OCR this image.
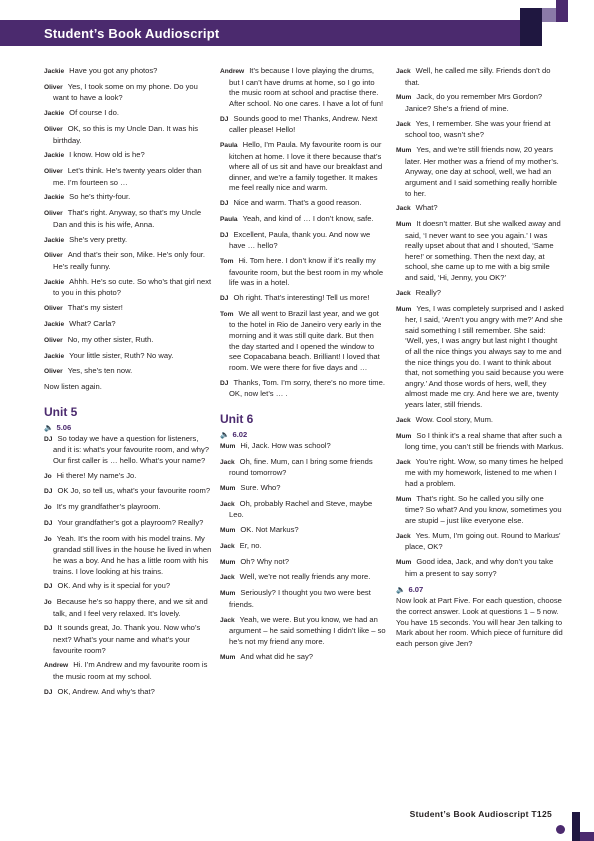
Student’s Book Audioscript

Jackie Have you got any photos?

Oliver Yes, I took some on my phone. Do you want to have a look?

Jackie Of course I do.

Oliver OK, so this is my Uncle Dan. It was his birthday.

Jackie I know. How old is he?

Oliver Let’s think. He’s twenty years older than me. I’m fourteen so …

Jackie So he’s thirty-four.

Oliver That’s right. Anyway, so that’s my Uncle Dan and this is his wife, Anna.

Jackie She’s very pretty.

Oliver And that’s their son, Mike. He’s only four. He’s really funny.

Jackie Ahhh. He’s so cute. So who’s that girl next to you in this photo?

Oliver That’s my sister!

Jackie What? Carla?

Oliver No, my other sister, Ruth.

Jackie Your little sister, Ruth? No way.

Oliver Yes, she’s ten now.

Now listen again.

Unit 5
🔈 5.06

DJ So today we have a question for listeners, and it is: what’s your favourite room, and why? Our first caller is … hello. What’s your name?

Jo Hi there! My name’s Jo.

DJ OK Jo, so tell us, what’s your favourite room?

Jo It’s my grandfather’s playroom.

DJ Your grandfather’s got a playroom? Really?

Jo Yeah. It’s the room with his model trains. My grandad still lives in the house he lived in when he was a boy. And he has a little room with his trains. I love looking at his trains.

DJ OK. And why is it special for you?

Jo Because he’s so happy there, and we sit and talk, and I feel very relaxed. It’s lovely.

DJ It sounds great, Jo. Thank you. Now who’s next? What’s your name and what’s your favourite room?

Andrew Hi. I’m Andrew and my favourite room is the music room at my school.

DJ OK, Andrew. And why’s that?

Andrew It’s because I love playing the drums, but I can’t have drums at home, so I go into the music room at school and practise there. After school. No one cares. I have a lot of fun!

DJ Sounds good to me! Thanks, Andrew. Next caller please! Hello!

Paula Hello, I’m Paula. My favourite room is our kitchen at home. I love it there because that’s where all of us sit and have our breakfast and dinner, and we’re a family together. It makes me feel really nice and warm.

DJ Nice and warm. That’s a good reason.

Paula Yeah, and kind of … I don’t know, safe.

DJ Excellent, Paula, thank you. And now we have … hello?

Tom Hi. Tom here. I don’t know if it’s really my favourite room, but the best room in my whole life was in a hotel.

DJ Oh right. That’s interesting! Tell us more!

Tom We all went to Brazil last year, and we got to the hotel in Rio de Janeiro very early in the morning and it was still quite dark. But then the day started and I opened the window to see Copacabana beach. Brilliant! I loved that room. We were there for five days and …

DJ Thanks, Tom. I’m sorry, there’s no more time. OK, now let’s … .

Unit 6
🔈 6.02

Mum Hi, Jack. How was school?

Jack Oh, fine. Mum, can I bring some friends round tomorrow?

Mum Sure. Who?

Jack Oh, probably Rachel and Steve, maybe Leo.

Mum OK. Not Markus?

Jack Er, no.

Mum Oh? Why not?

Jack Well, we’re not really friends any more.

Mum Seriously? I thought you two were best friends.

Jack Yeah, we were. But you know, we had an argument – he said something I didn’t like – so he’s not my friend any more.

Mum And what did he say?

Jack Well, he called me silly. Friends don’t do that.

Mum Jack, do you remember Mrs Gordon? Janice? She’s a friend of mine.

Jack Yes, I remember. She was your friend at school too, wasn’t she?

Mum Yes, and we’re still friends now, 20 years later. Her mother was a friend of my mother’s. Anyway, one day at school, well, we had an argument and I said something really horrible to her.

Jack What?

Mum It doesn’t matter. But she walked away and said, ‘I never want to see you again.’ I was really upset about that and I shouted, ‘Same here!’ or something. Then the next day, at school, she came up to me with a big smile and said, ‘Hi, Jenny, you OK?’

Jack Really?

Mum Yes, I was completely surprised and I asked her, I said, ‘Aren’t you angry with me?’ And she said something I still remember. She said: ‘Well, yes, I was angry but last night I thought of all the nice things you always say to me and the nice things you do. I want to think about that, not something you said because you were angry.’ And those words of hers, well, they almost made me cry. And here we are, twenty years later, still friends.

Jack Wow. Cool story, Mum.

Mum So I think it’s a real shame that after such a long time, you can’t still be friends with Markus.

Jack You’re right. Wow, so many times he helped me with my homework, listened to me when I had a problem.

Mum That’s right. So he called you silly one time? So what? And you know, sometimes you are stupid – just like everyone else.

Jack Yes. Mum, I’m going out. Round to Markus’ place, OK?

Mum Good idea, Jack, and why don’t you take him a present to say sorry?

🔈 6.07

Now look at Part Five. For each question, choose the correct answer. Look at questions 1 – 5 now. You have 15 seconds. You will hear Jen talking to Mark about her room. Which piece of furniture did each person give Jen?

Student’s Book Audioscript T125
